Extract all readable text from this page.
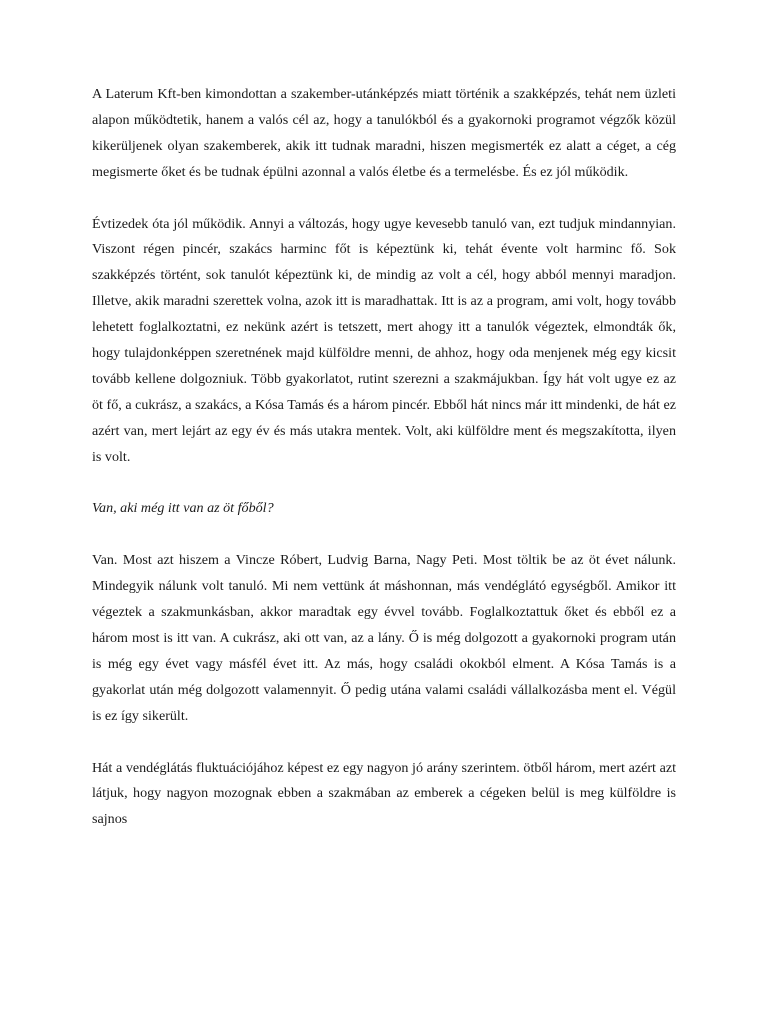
A Laterum Kft-ben kimondottan a szakember-utánképzés miatt történik a szakképzés, tehát nem üzleti alapon működtetik, hanem a valós cél az, hogy a tanulókból és a gyakornoki programot végzők közül kikerüljenek olyan szakemberek, akik itt tudnak maradni, hiszen megismerték ez alatt a céget, a cég megismerte őket és be tudnak épülni azonnal a valós életbe és a termelésbe. És ez jól működik.

Évtizedek óta jól működik. Annyi a változás, hogy ugye kevesebb tanuló van, ezt tudjuk mindannyian. Viszont régen pincér, szakács harminc főt is képeztünk ki, tehát évente volt harminc fő. Sok szakképzés történt, sok tanulót képeztünk ki, de mindig az volt a cél, hogy abból mennyi maradjon. Illetve, akik maradni szerettek volna, azok itt is maradhattak. Itt is az a program, ami volt, hogy tovább lehetett foglalkoztatni, ez nekünk azért is tetszett, mert ahogy itt a tanulók végeztek, elmondták ők, hogy tulajdonképpen szeretnének majd külföldre menni, de ahhoz, hogy oda menjenek még egy kicsit tovább kellene dolgozniuk. Több gyakorlatot, rutint szerezni a szakmájukban. Így hát volt ugye ez az öt fő, a cukrász, a szakács, a Kósa Tamás és a három pincér. Ebből hát nincs már itt mindenki, de hát ez azért van, mert lejárt az egy év és más utakra mentek. Volt, aki külföldre ment és megszakította, ilyen is volt.

Van, aki még itt van az öt főből?

Van. Most azt hiszem a Vincze Róbert, Ludvig Barna, Nagy Peti. Most töltik be az öt évet nálunk. Mindegyik nálunk volt tanuló. Mi nem vettünk át máshonnan, más vendéglátó egységből. Amikor itt végeztek a szakmunkásban, akkor maradtak egy évvel tovább. Foglalkoztattuk őket és ebből ez a három most is itt van. A cukrász, aki ott van, az a lány. Ő is még dolgozott a gyakornoki program után is még egy évet vagy másfél évet itt. Az más, hogy családi okokból elment. A Kósa Tamás is a gyakorlat után még dolgozott valamennyit. Ő pedig utána valami családi vállalkozásba ment el. Végül is ez így sikerült.

Hát a vendéglátás fluktuációjához képest ez egy nagyon jó arány szerintem. ötből három, mert azért azt látjuk, hogy nagyon mozognak ebben a szakmában az emberek a cégeken belül is meg külföldre is sajnos
